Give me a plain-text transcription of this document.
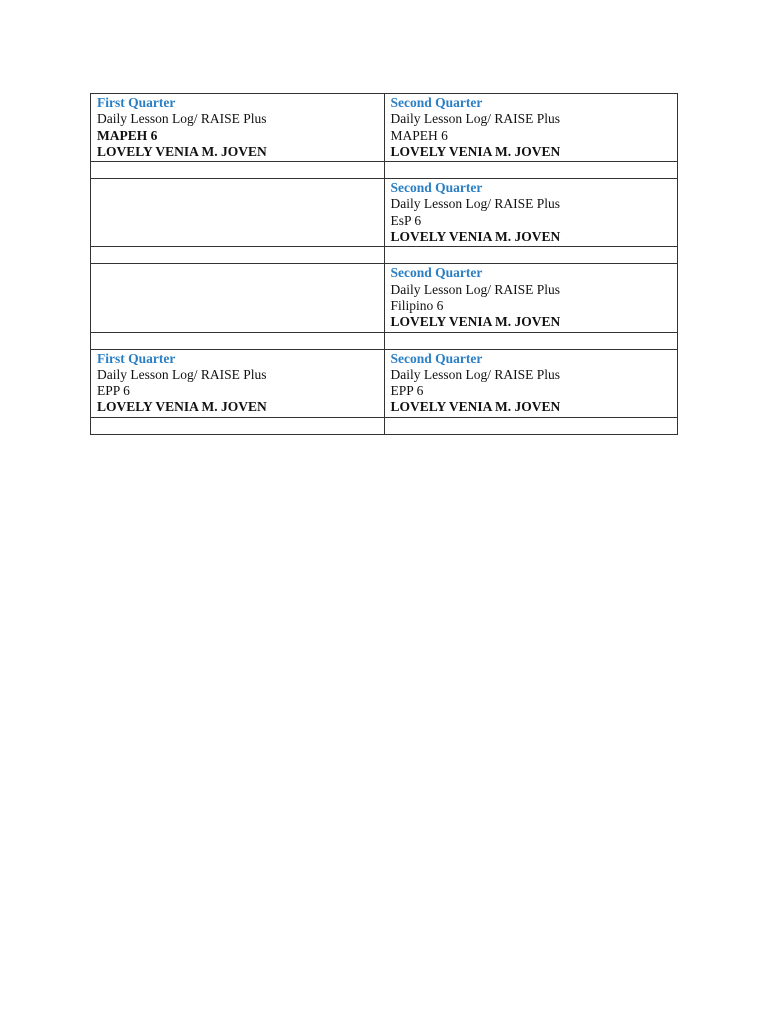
First Quarter
Daily Lesson Log/ RAISE Plus
MAPEH 6
LOVELY VENIA M. JOVEN	Second Quarter
Daily Lesson Log/ RAISE Plus
MAPEH 6
LOVELY VENIA M. JOVEN

	Second Quarter
Daily Lesson Log/ RAISE Plus
EsP 6
LOVELY VENIA M. JOVEN

	Second Quarter
Daily Lesson Log/ RAISE Plus
Filipino 6
LOVELY VENIA M. JOVEN

First Quarter
Daily Lesson Log/ RAISE Plus
EPP 6
LOVELY VENIA M. JOVEN	Second Quarter
Daily Lesson Log/ RAISE Plus
EPP 6
LOVELY VENIA M. JOVEN
